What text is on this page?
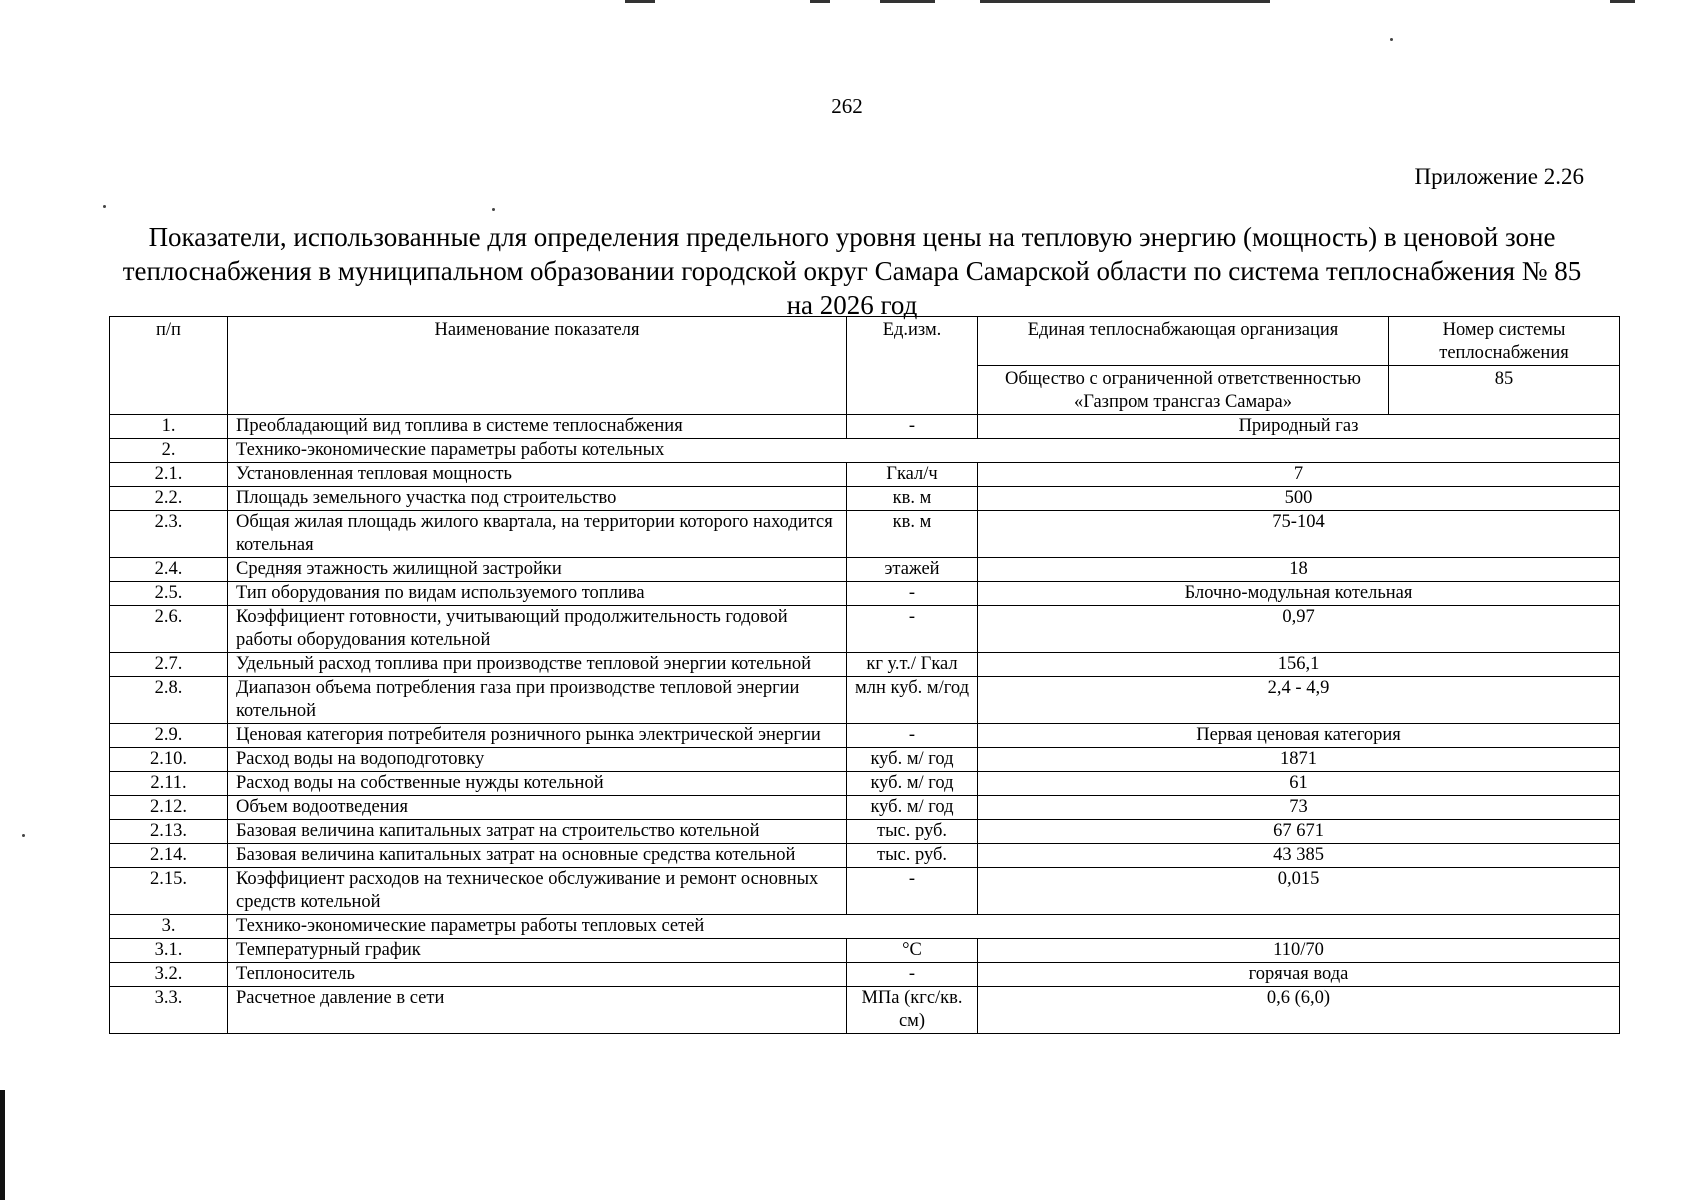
262
Приложение 2.26
Показатели, использованные для определения предельного уровня цены на тепловую энергию (мощность) в ценовой зоне теплоснабжения в муниципальном образовании городской округ Самара Самарской области по система теплоснабжения № 85 на 2026 год
п/п	Наименование показателя	Ед.изм.	Единая теплоснабжающая организация	Номер системы теплоснабжения
			Общество с ограниченной ответственностью «Газпром трансгаз Самара»	85
1.	Преобладающий вид топлива в системе теплоснабжения	-	Природный газ	
2.	Технико-экономические параметры работы котельных			
2.1.	Установленная тепловая мощность	Гкал/ч	7	
2.2.	Площадь земельного участка под строительство	кв. м	500	
2.3.	Общая жилая площадь жилого квартала, на территории которого находится котельная	кв. м	75-104	
2.4.	Средняя этажность жилищной застройки	этажей	18	
2.5.	Тип оборудования по видам используемого топлива	-	Блочно-модульная котельная	
2.6.	Коэффициент готовности, учитывающий продолжительность годовой работы оборудования котельной	-	0,97	
2.7.	Удельный расход топлива при производстве тепловой энергии котельной	кг у.т./ Гкал	156,1	
2.8.	Диапазон объема потребления газа при производстве тепловой энергии котельной	млн куб. м/год	2,4 - 4,9	
2.9.	Ценовая категория потребителя розничного рынка электрической энергии	-	Первая ценовая категория	
2.10.	Расход воды на водоподготовку	куб. м/ год	1871	
2.11.	Расход воды на собственные нужды котельной	куб. м/ год	61	
2.12.	Объем водоотведения	куб. м/ год	73	
2.13.	Базовая величина капитальных затрат на строительство котельной	тыс. руб.	67 671	
2.14.	Базовая величина капитальных затрат на основные средства котельной	тыс. руб.	43 385	
2.15.	Коэффициент расходов на техническое обслуживание и ремонт основных средств котельной	-	0,015	
3.	Технико-экономические параметры работы тепловых сетей			
3.1.	Температурный график	°С	110/70	
3.2.	Теплоноситель	-	горячая вода	
3.3.	Расчетное давление в сети	МПа (кгс/кв. см)	0,6 (6,0)	
